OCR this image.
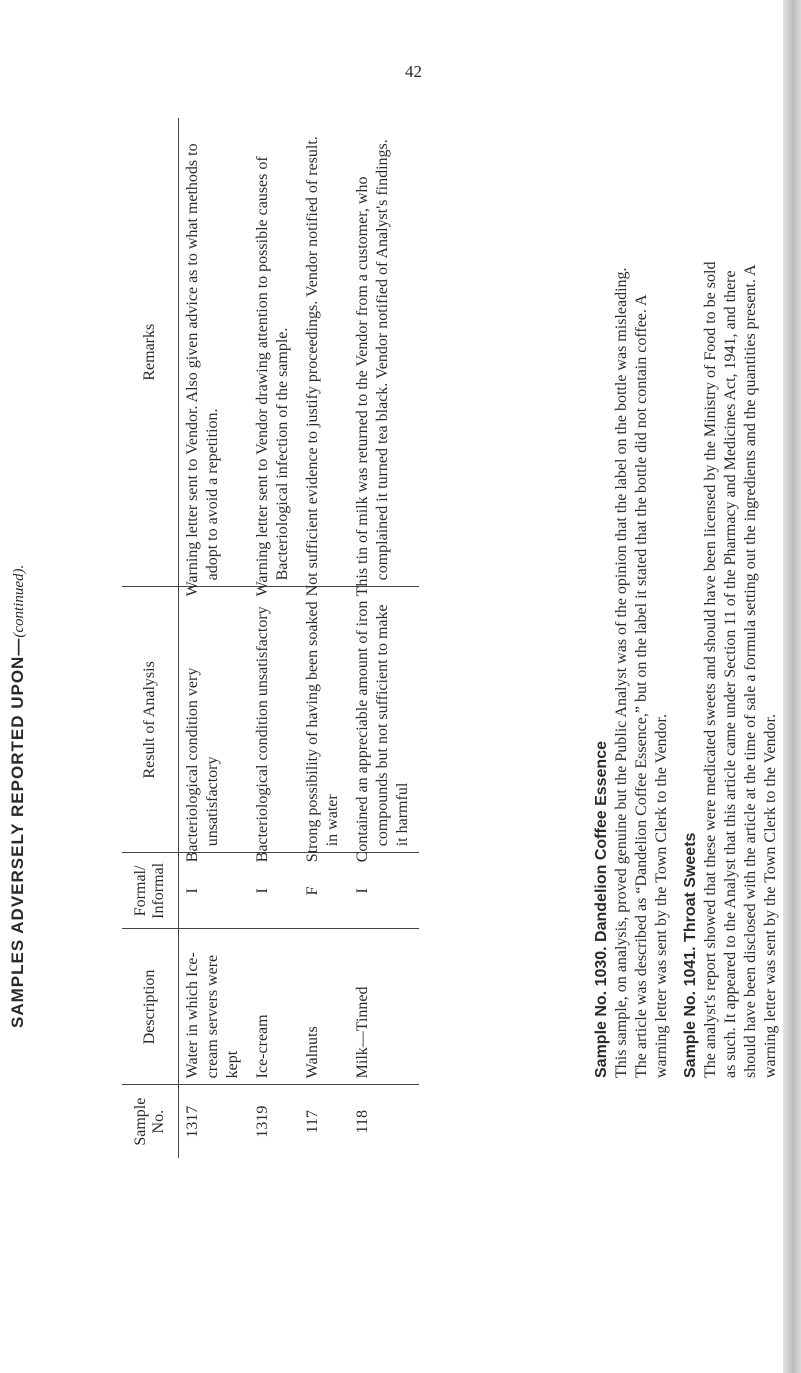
42
SAMPLES ADVERSELY REPORTED UPON—(continued).
Sample No.	Description	Formal/ Informal	Result of Analysis	Remarks
1317	Water in which Ice-cream servers were kept	I	Bacteriological condition very unsatisfactory	Warning letter sent to Vendor. Also given advice as to what methods to adopt to avoid a repetition.
1319	Ice-cream	I	Bacteriological condition unsatisfactory	Warning letter sent to Vendor drawing attention to possible causes of Bacteriological infection of the sample.
117	Walnuts	F	Strong possibility of having been soaked in water	Not sufficient evidence to justify proceedings. Vendor notified of result.
118	Milk—Tinned	I	Contained an appreciable amount of iron compounds but not sufficient to make it harmful	This tin of milk was returned to the Vendor from a customer, who complained it turned tea black. Vendor notified of Analyst's findings.
Sample No. 1030. Dandelion Coffee Essence This sample, on analysis, proved genuine but the Public Analyst was of the opinion that the label on the bottle was misleading. The article was described as “Dandelion Coffee Essence,” but on the label it stated that the bottle did not contain coffee. A warning letter was sent by the Town Clerk to the Vendor. Sample No. 1041. Throat Sweets The analyst's report showed that these were medicated sweets and should have been licensed by the Ministry of Food to be sold as such. It appeared to the Analyst that this article came under Section 11 of the Pharmacy and Medicines Act, 1941, and there should have been disclosed with the article at the time of sale a formula setting out the ingredients and the quantities present. A warning letter was sent by the Town Clerk to the Vendor.
